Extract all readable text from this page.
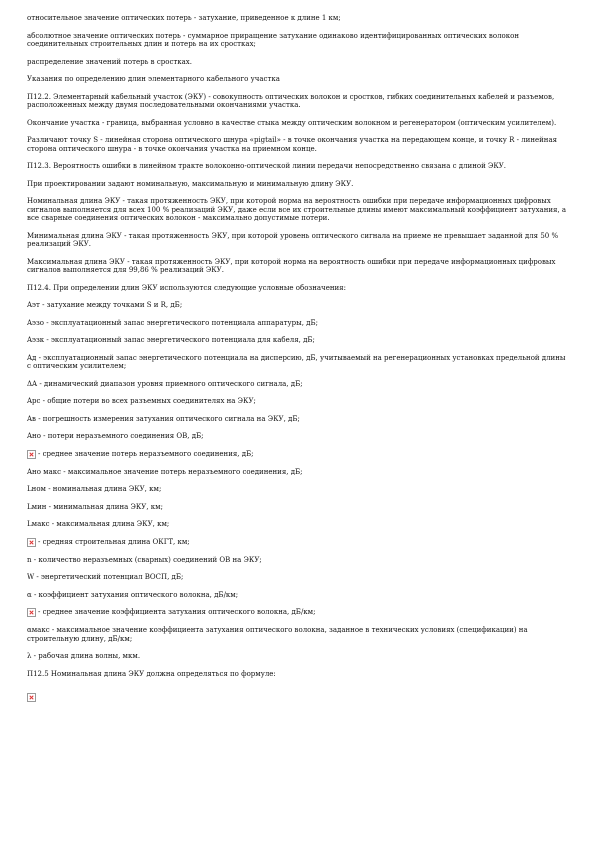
относительное значение оптических потерь - затухание, приведенное к длине 1 км;

абсолютное значение оптических потерь - суммарное приращение затухание одинаково идентифицированных оптических волокон соединительных строительных длин и потерь на их сростках;

распределение значений потерь в сростках.

Указания по определению длин элементарного кабельного участка

П12.2. Элементарный кабельный участок (ЭКУ) - совокупность оптических волокон и сростков, гибких соединительных кабелей и разъемов, расположенных между двумя последовательными окончаниями участка.

Окончание участка - граница, выбранная условно в качестве стыка между оптическим волокном и регенератором (оптическим усилителем).

Различают точку S - линейная сторона оптического шнура «pigtail» - в точке окончания участка на передающем конце, и точку R - линейная сторона оптического шнура - в точке окончания участка на приемном конце.

П12.3. Вероятность ошибки в линейном тракте волоконно-оптической линии передачи непосредственно связана с длиной ЭКУ.

При проектировании задают номинальную, максимальную и минимальную длину ЭКУ.

Номинальная длина ЭКУ - такая протяженность ЭКУ, при которой норма на вероятность ошибки при передаче информационных цифровых сигналов выполняется для всех 100 % реализаций ЭКУ, даже если все их строительные длины имеют максимальный коэффициент затухания, а все сварные соединения оптических волокон - максимально допустимые потери.

Минимальная длина ЭКУ - такая протяженность ЭКУ, при которой уровень оптического сигнала на приеме не превышает заданной для 50 % реализаций ЭКУ.

Максимальная длина ЭКУ - такая протяженность ЭКУ, при которой норма на вероятность ошибки при передаче информационных цифровых сигналов выполняется для 99,86 % реализаций ЭКУ.

П12.4. При определении длин ЭКУ используются следующие условные обозначения:

Aэт - затухание между точками S и R, дБ;

Aэзо - эксплуатационный запас энергетического потенциала аппаратуры, дБ;

Aэзк - эксплуатационный запас энергетического потенциала для кабеля, дБ;

Aд - эксплуатационный запас энергетического потенциала на дисперсию, дБ, учитываемый на регенерационных установках предельной длины с оптическим усилителем;

ΔA - динамический диапазон уровня приемного оптического сигнала, дБ;

Aрс - общие потери во всех разъемных соединителях на ЭКУ;

Aв - погрешность измерения затухания оптического сигнала на ЭКУ, дБ;

Aно - потери неразъемного соединения ОВ, дБ;

- среднее значение потерь неразъемного соединения, дБ;

Aно макс - максимальное значение потерь неразъемного соединения, дБ;

Lном - номинальная длина ЭКУ, км;

Lмин - минимальная длина ЭКУ, км;

Lмакс - максимальная длина ЭКУ, км;

- средняя строительная длина ОКГТ, км;

n - количество неразъемных (сварных) соединений ОВ на ЭКУ;

W - энергетический потенциал ВОСП, дБ;

α - коэффициент затухания оптического волокна, дБ/км;

- среднее значение коэффициента затухания оптического волокна, дБ/км;

αмакс - максимальное значение коэффициента затухания оптического волокна, заданное в технических условиях (спецификации) на строительную длину, дБ/км;

λ - рабочая длина волны, мкм.

П12.5 Номинальная длина ЭКУ должна определяться по формуле:
